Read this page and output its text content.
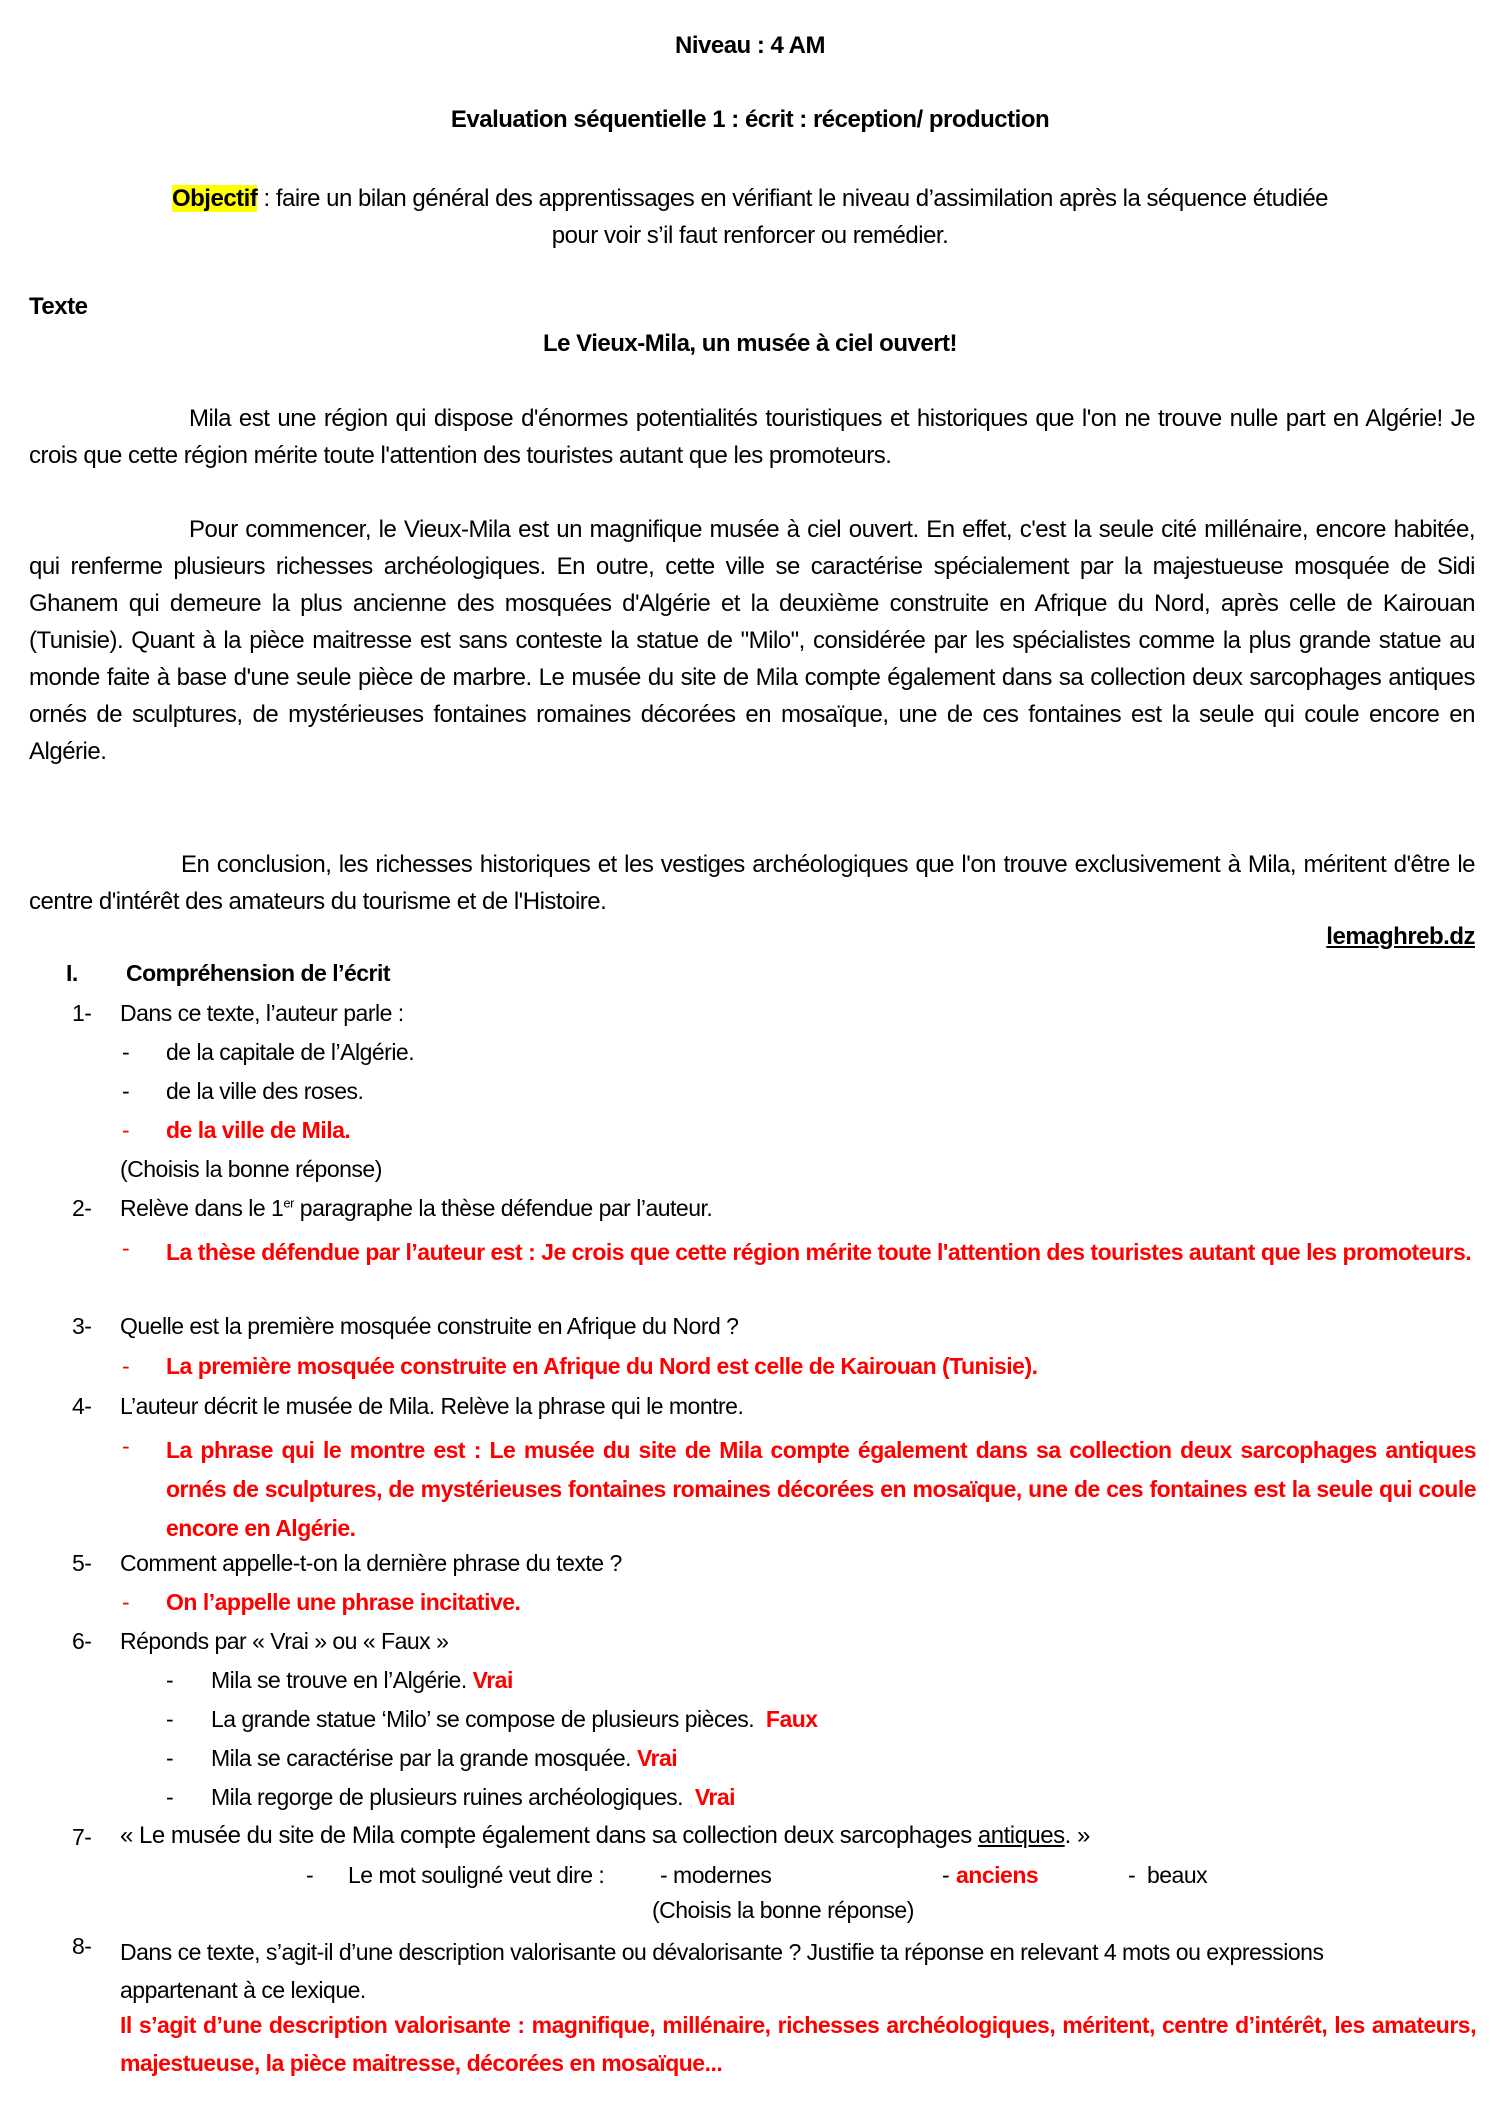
Niveau : 4 AM
Evaluation séquentielle 1 : écrit : réception/ production
Objectif : faire un bilan général des apprentissages en vérifiant le niveau d’assimilation après la séquence étudiée
pour voir s’il faut renforcer ou remédier.
Texte
Le Vieux-Mila, un musée à ciel ouvert!
Mila est une région qui dispose d'énormes potentialités touristiques et historiques que l'on ne trouve nulle part en Algérie! Je crois que cette région mérite toute l'attention des touristes autant que les promoteurs.
Pour commencer, le Vieux-Mila est un magnifique musée à ciel ouvert. En effet, c'est la seule cité millénaire, encore habitée, qui renferme plusieurs richesses archéologiques. En outre, cette ville se caractérise spécialement par la majestueuse mosquée de Sidi Ghanem qui demeure la plus ancienne des mosquées d'Algérie et la deuxième construite en Afrique du Nord, après celle de Kairouan (Tunisie). Quant à la pièce maitresse est sans conteste la statue de "Milo", considérée par les spécialistes comme la plus grande statue au monde faite à base d'une seule pièce de marbre. Le musée du site de Mila compte également dans sa collection deux sarcophages antiques ornés de sculptures, de mystérieuses fontaines romaines décorées en mosaïque, une de ces fontaines est la seule qui coule encore en Algérie.
En conclusion, les richesses historiques et les vestiges archéologiques que l'on trouve exclusivement à Mila, méritent d'être le centre d'intérêt des amateurs du tourisme et de l'Histoire.
lemaghreb.dz
I. Compréhension de l’écrit
1- Dans ce texte, l’auteur parle :
- de la capitale de l’Algérie.
- de la ville des roses.
- de la ville de Mila.
(Choisis la bonne réponse)
2- Relève dans le 1er paragraphe la thèse défendue par l’auteur.
- La thèse défendue par l’auteur est : Je crois que cette région mérite toute l'attention des touristes autant que les promoteurs.
3- Quelle est la première mosquée construite en Afrique du Nord ?
- La première mosquée construite en Afrique du Nord est celle de Kairouan (Tunisie).
4- L’auteur décrit le musée de Mila. Relève la phrase qui le montre.
- La phrase qui le montre est : Le musée du site de Mila compte également dans sa collection deux sarcophages antiques ornés de sculptures, de mystérieuses fontaines romaines décorées en mosaïque, une de ces fontaines est la seule qui coule encore en Algérie.
5- Comment appelle-t-on la dernière phrase du texte ?
- On l’appelle une phrase incitative.
6- Réponds par « Vrai » ou « Faux »
- Mila se trouve en l’Algérie. Vrai
- La grande statue ‘Milo’ se compose de plusieurs pièces.  Faux
- Mila se caractérise par la grande mosquée. Vrai
- Mila regorge de plusieurs ruines archéologiques.  Vrai
7- « Le musée du site de Mila compte également dans sa collection deux sarcophages antiques. »
- Le mot souligné veut dire : - modernes	- anciens	-  beaux
(Choisis la bonne réponse)
8- Dans ce texte, s’agit-il d’une description valorisante ou dévalorisante ? Justifie ta réponse en relevant 4 mots ou expressions appartenant à ce lexique.
Il s’agit d’une description valorisante : magnifique, millénaire, richesses archéologiques, méritent, centre d’intérêt, les amateurs, majestueuse, la pièce maitresse, décorées en mosaïque...
